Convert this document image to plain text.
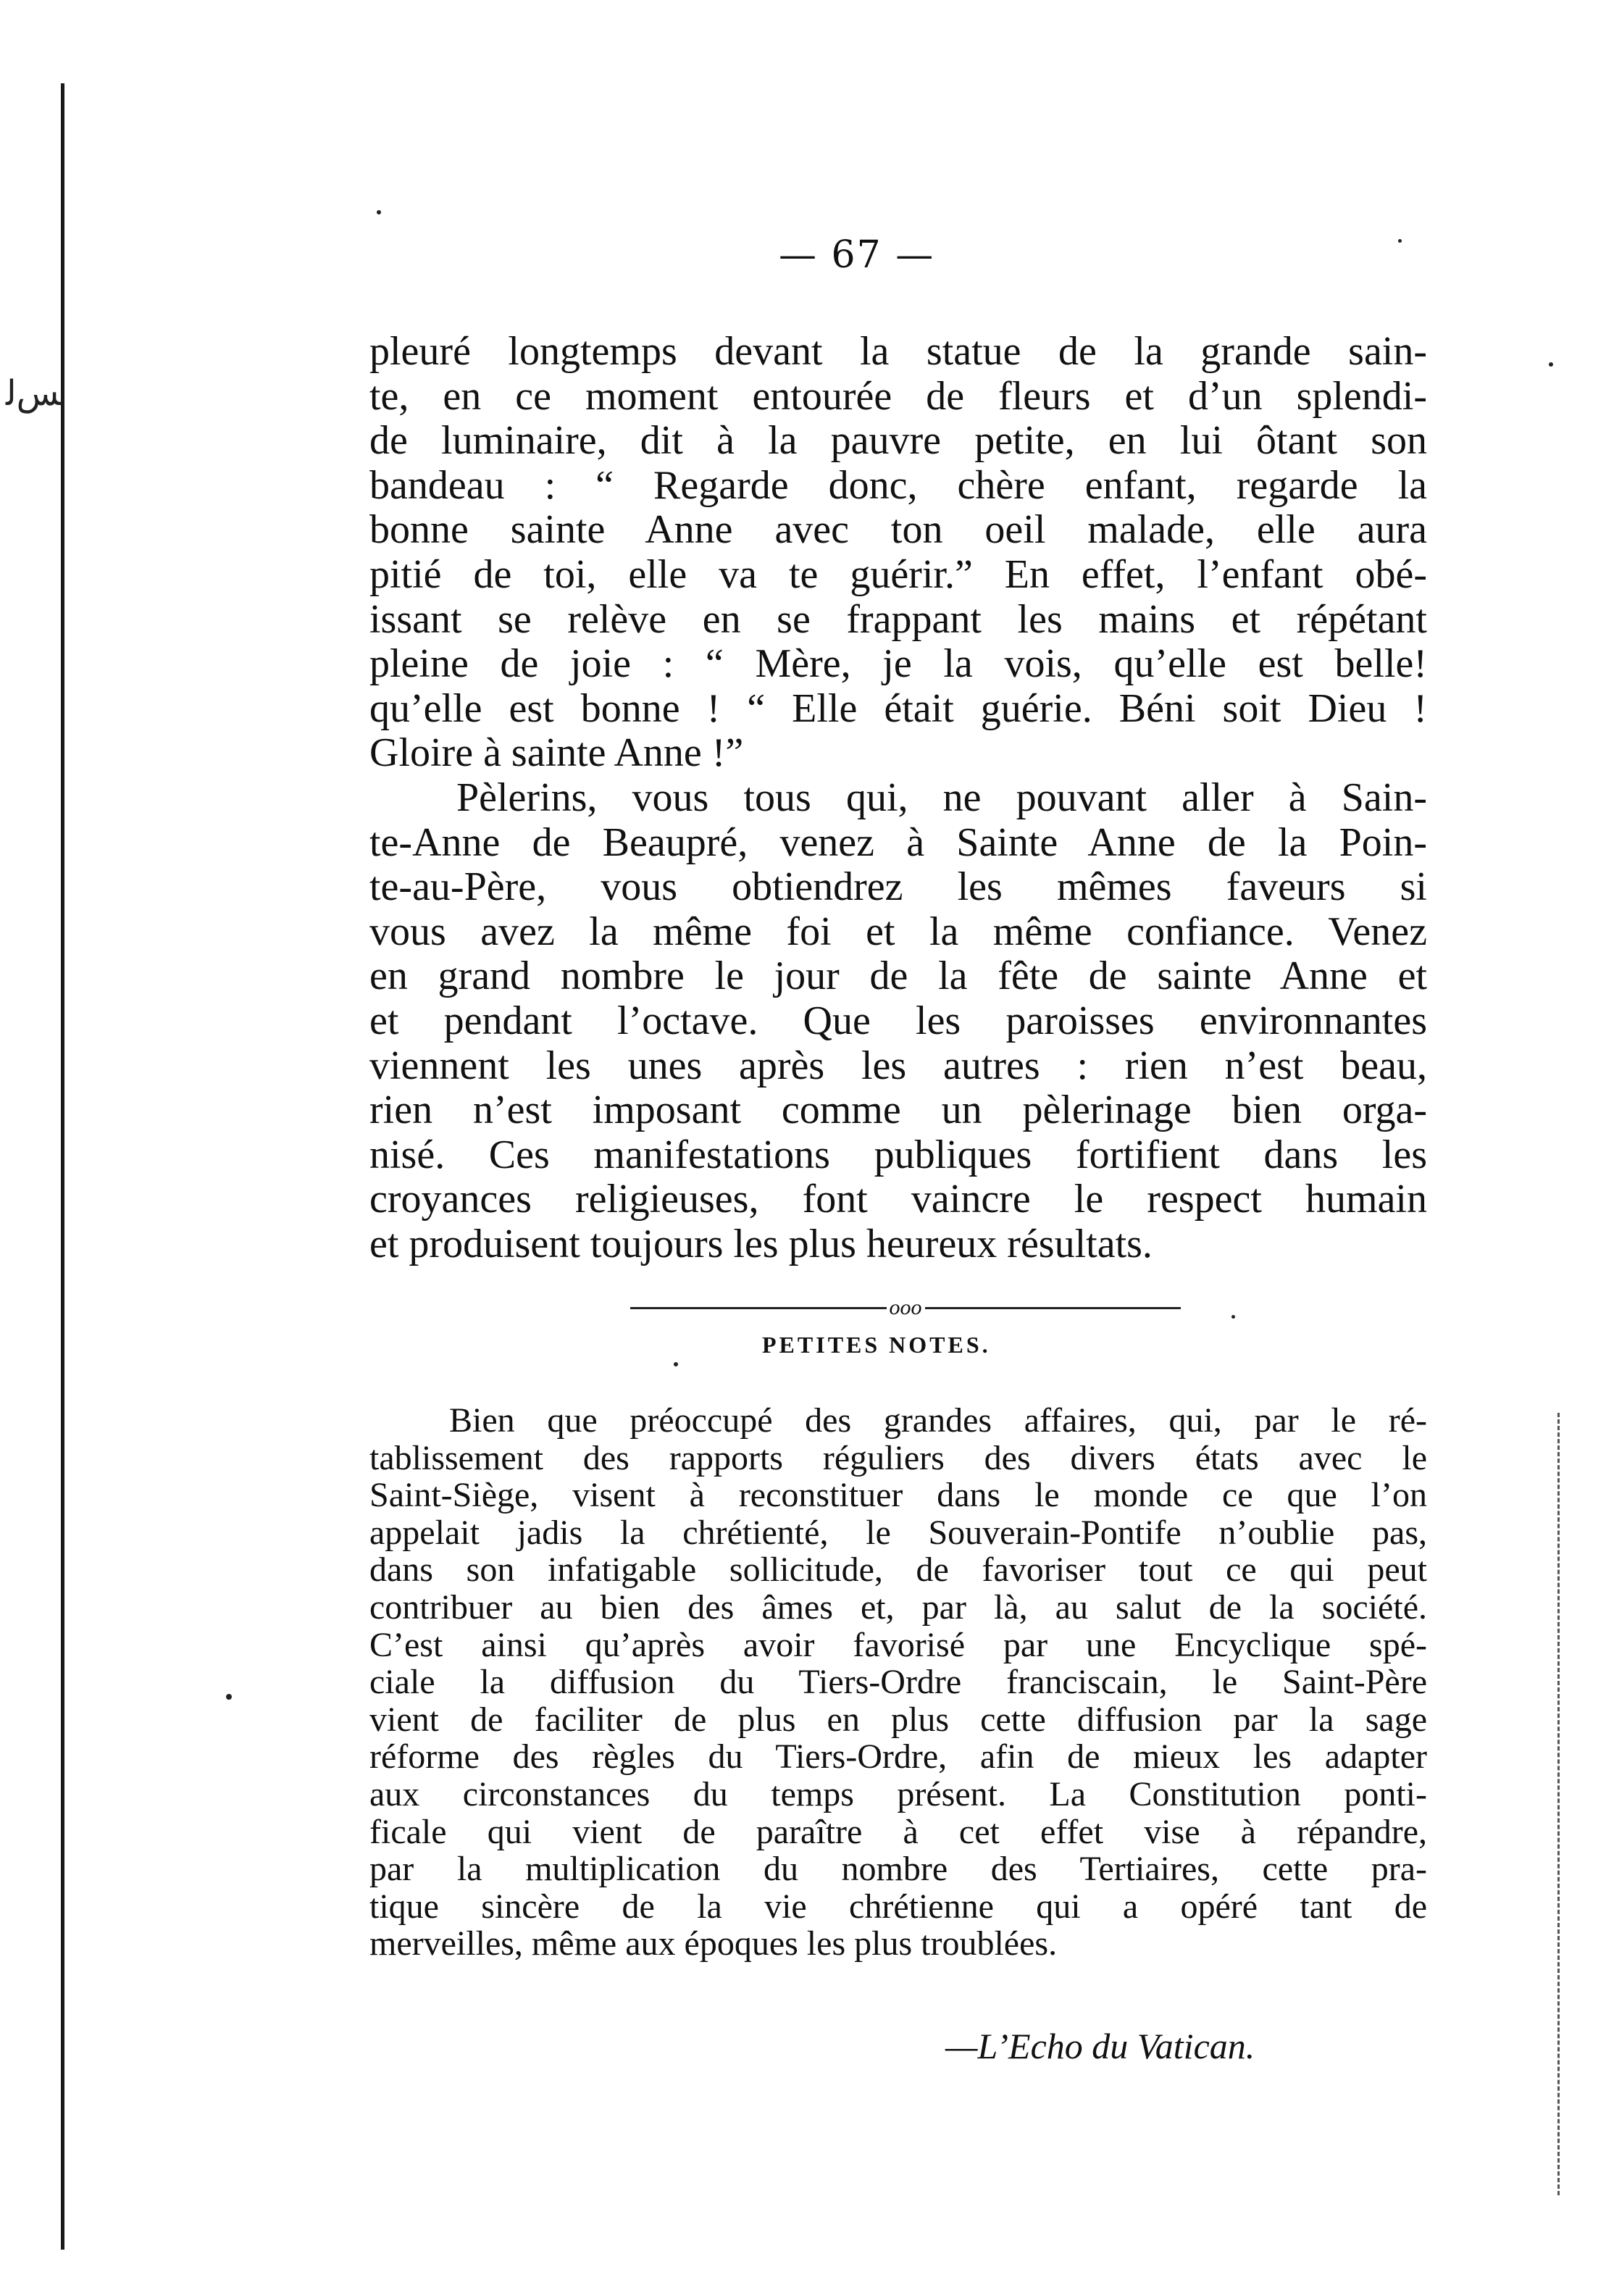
ﺲﻟ
— 67 —
pleuré longtemps devant la statue de la grande sain-
te, en ce moment entourée de fleurs et d’un splendi-
de luminaire, dit à la pauvre petite, en lui ôtant son
bandeau : “ Regarde donc, chère enfant, regarde la
bonne sainte Anne avec ton oeil malade, elle aura
pitié de toi, elle va te guérir.” En effet, l’enfant obé-
issant se relève en se frappant les mains et répétant
pleine de joie : “ Mère, je la vois, qu’elle est belle!
qu’elle est bonne ! “ Elle était guérie. Béni soit Dieu !
Gloire à sainte Anne !”
Pèlerins, vous tous qui, ne pouvant aller à Sain-
te-Anne de Beaupré, venez à Sainte Anne de la Poin-
te-au-Père, vous obtiendrez les mêmes faveurs si
vous avez la même foi et la même confiance. Venez
en grand nombre le jour de la fête de sainte Anne et
et pendant l’octave. Que les paroisses environnantes
viennent les unes après les autres : rien n’est beau,
rien n’est imposant comme un pèlerinage bien orga-
nisé. Ces manifestations publiques fortifient dans les
croyances religieuses, font vaincre le respect humain
et produisent toujours les plus heureux résultats.
ooo
PETITES NOTES.
Bien que préoccupé des grandes affaires, qui, par le ré-
tablissement des rapports réguliers des divers états avec le
Saint-Siège, visent à reconstituer dans le monde ce que l’on
appelait jadis la chrétienté, le Souverain-Pontife n’oublie pas,
dans son infatigable sollicitude, de favoriser tout ce qui peut
contribuer au bien des âmes et, par là, au salut de la société.
C’est ainsi qu’après avoir favorisé par une Encyclique spé-
ciale la diffusion du Tiers-Ordre franciscain, le Saint-Père
vient de faciliter de plus en plus cette diffusion par la sage
réforme des règles du Tiers-Ordre, afin de mieux les adapter
aux circonstances du temps présent. La Constitution ponti-
ficale qui vient de paraître à cet effet vise à répandre,
par la multiplication du nombre des Tertiaires, cette pra-
tique sincère de la vie chrétienne qui a opéré tant de
merveilles, même aux époques les plus troublées.
—L’Echo du Vatican.
